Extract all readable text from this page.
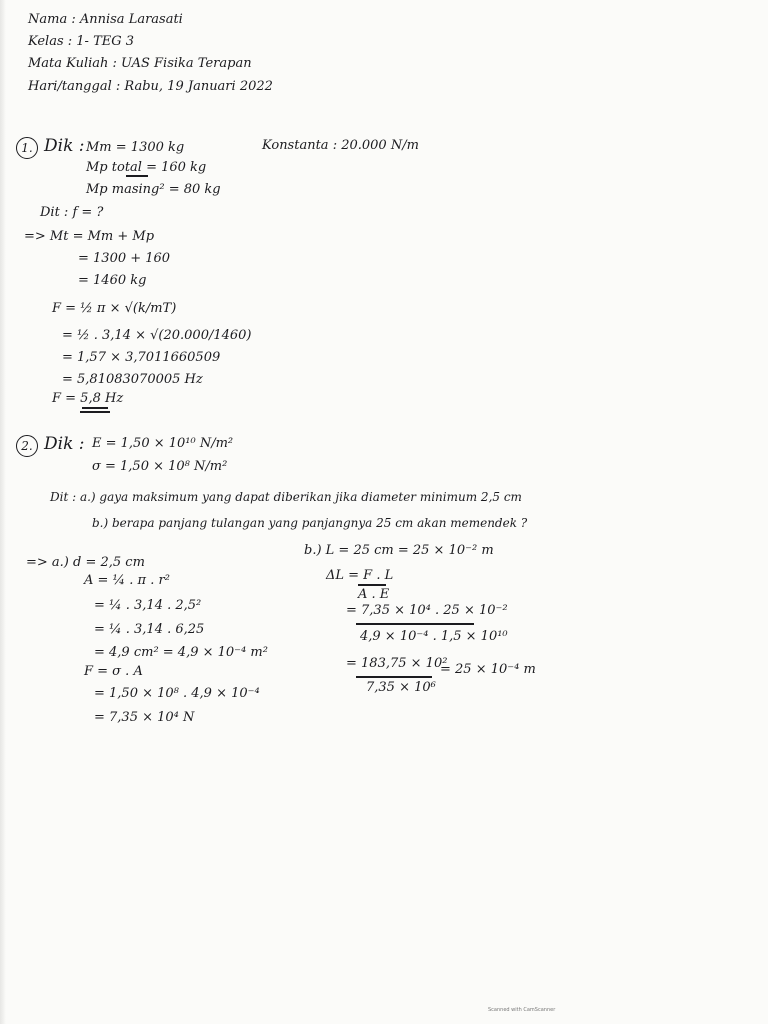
Nama : Annisa Larasati
Kelas : 1- TEG 3
Mata Kuliah : UAS Fisika Terapan
Hari/tanggal : Rabu, 19 Januari 2022
1. Dik : Mm = 1300 kg	Konstanta : 20.000 N/m
Mp total = 160 kg
Mp masing² = 80 kg
Dit : f = ?
=> Mt = Mm + Mp
= 1300 + 160
= 1460 kg
F = ½ π × √(k/mT)
= ½ . 3,14 × √(20.000/1460)
= 1,57 × 3,7011660509
= 5,81083070005 Hz
F = 5,8 Hz
2. Dik : E = 1,50 × 10¹⁰ N/m²
σ = 1,50 × 10⁸ N/m²
Dit : a.) gaya maksimum yang dapat diberikan jika diameter minimum 2,5 cm
b.) berapa panjang tulangan yang panjangnya 25 cm akan memendek ?
=> a.) d = 2,5 cm
A = ¼ . π . r²
= ¼ . 3,14 . 2,5²
= ¼ . 3,14 . 6,25
= 4,9 cm² = 4,9 × 10⁻⁴ m²
F = σ . A
= 1,50 × 10⁸ . 4,9 × 10⁻⁴
= 7,35 × 10⁴ N
b.) L = 25 cm = 25 × 10⁻² m
ΔL = F . L
A . E
= 7,35 × 10⁴ . 25 × 10⁻²
4,9 × 10⁻⁴ . 1,5 × 10¹⁰
= 183,75 × 10²
= 25 × 10⁻⁴ m
7,35 × 10⁶
Scanned with CamScanner
